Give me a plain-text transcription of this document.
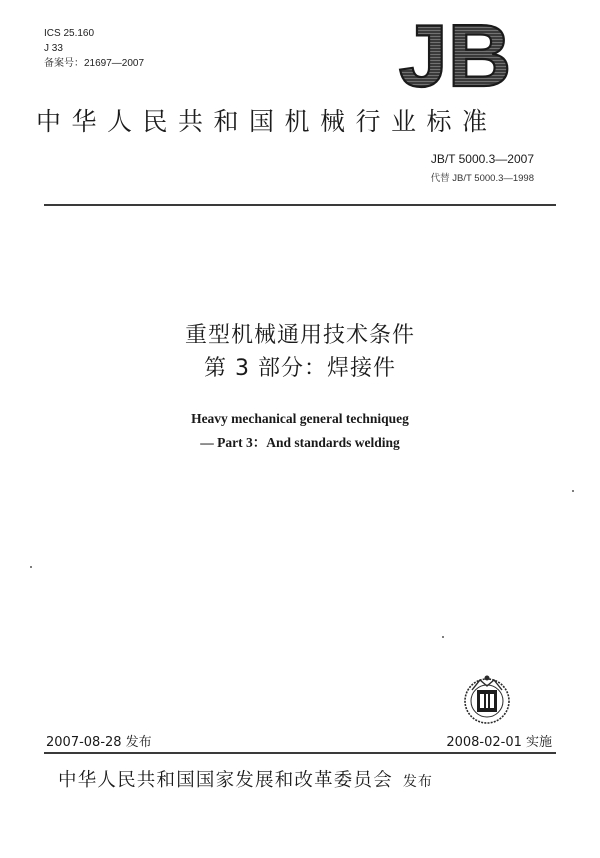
ICS 25.160
J 33
备案号：21697—2007	JB
中华人民共和国机械行业标准
JB/T 5000.3—2007
代替 JB/T 5000.3—1998
重型机械通用技术条件
第 3 部分：焊接件
Heavy mechanical general techniqueg
— Part 3：And standards welding
2007-08-28 发布	2008-02-01 实施
中华人民共和国国家发展和改革委员会 发布
